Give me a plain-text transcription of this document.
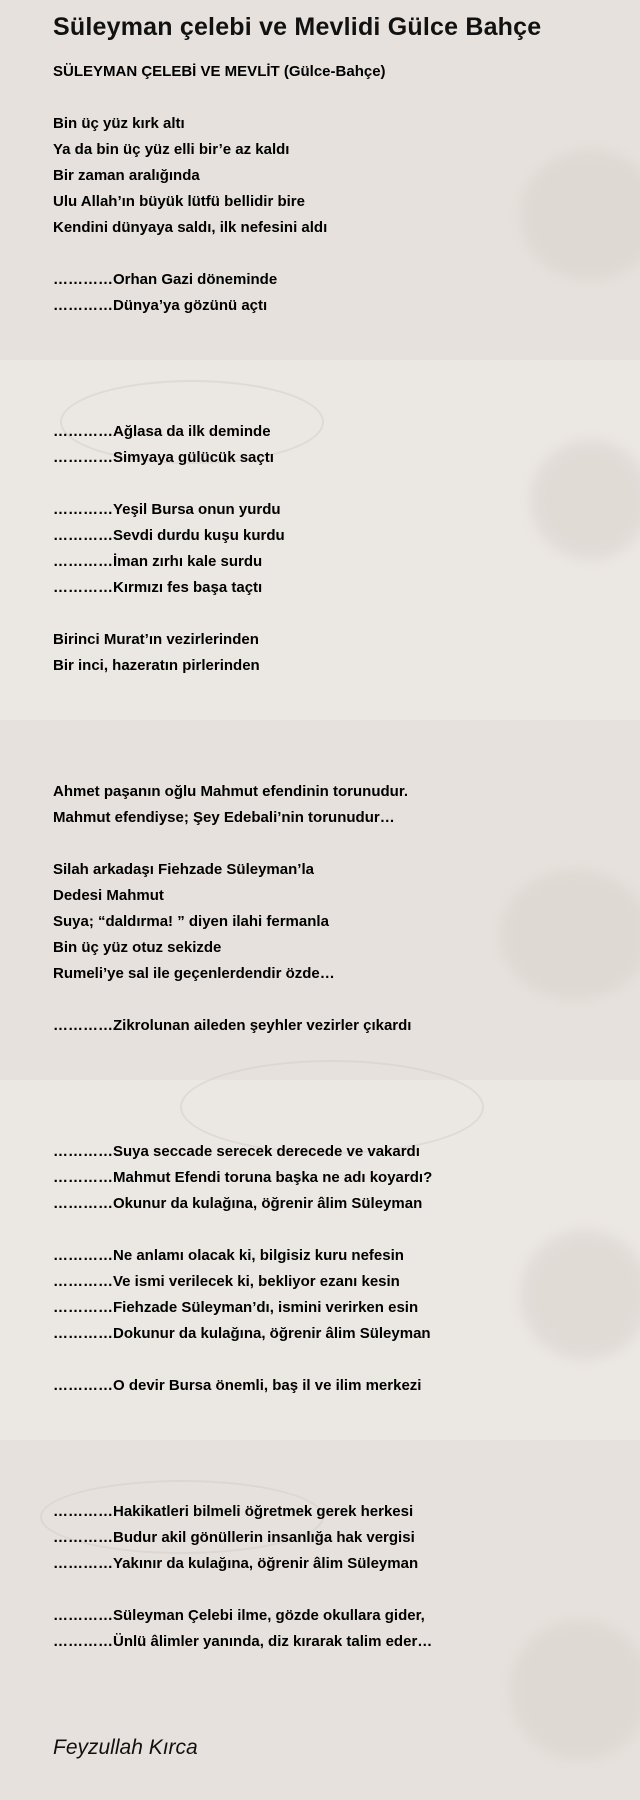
Süleyman çelebi ve Mevlidi Gülce Bahçe
SÜLEYMAN ÇELEBİ VE MEVLİT (Gülce-Bahçe)
Bin üç yüz kırk altı
Ya da bin üç yüz elli bir’e az kaldı
Bir zaman aralığında
Ulu Allah’ın büyük lütfü bellidir bire
Kendini dünyaya saldı, ilk nefesini aldı
…………Orhan Gazi döneminde
…………Dünya’ya gözünü açtı
…………Ağlasa da ilk deminde
…………Simyaya gülücük saçtı
…………Yeşil Bursa onun yurdu
…………Sevdi durdu kuşu kurdu
…………İman zırhı kale surdu
…………Kırmızı fes başa taçtı
Birinci Murat’ın vezirlerinden
Bir inci, hazeratın pirlerinden
Ahmet paşanın oğlu Mahmut efendinin torunudur.
Mahmut efendiyse; Şey Edebali’nin torunudur…
Silah arkadaşı Fiehzade Süleyman’la
Dedesi Mahmut
Suya; “daldırma! ” diyen ilahi fermanla
Bin üç yüz otuz sekizde
Rumeli’ye sal ile geçenlerdendir özde…
…………Zikrolunan aileden şeyhler vezirler çıkardı
…………Suya seccade serecek derecede ve vakardı
…………Mahmut Efendi toruna başka ne adı koyardı?
…………Okunur da kulağına, öğrenir âlim Süleyman
…………Ne anlamı olacak ki, bilgisiz kuru nefesin
…………Ve ismi verilecek ki, bekliyor ezanı kesin
…………Fiehzade Süleyman’dı, ismini verirken esin
…………Dokunur da kulağına, öğrenir âlim Süleyman
…………O devir Bursa önemli, baş il ve ilim merkezi
…………Hakikatleri bilmeli öğretmek gerek herkesi
…………Budur akil gönüllerin insanlığa hak vergisi
…………Yakınır da kulağına, öğrenir âlim Süleyman
…………Süleyman Çelebi ilme, gözde okullara gider,
…………Ünlü âlimler yanında, diz kırarak talim eder…
Feyzullah Kırca
